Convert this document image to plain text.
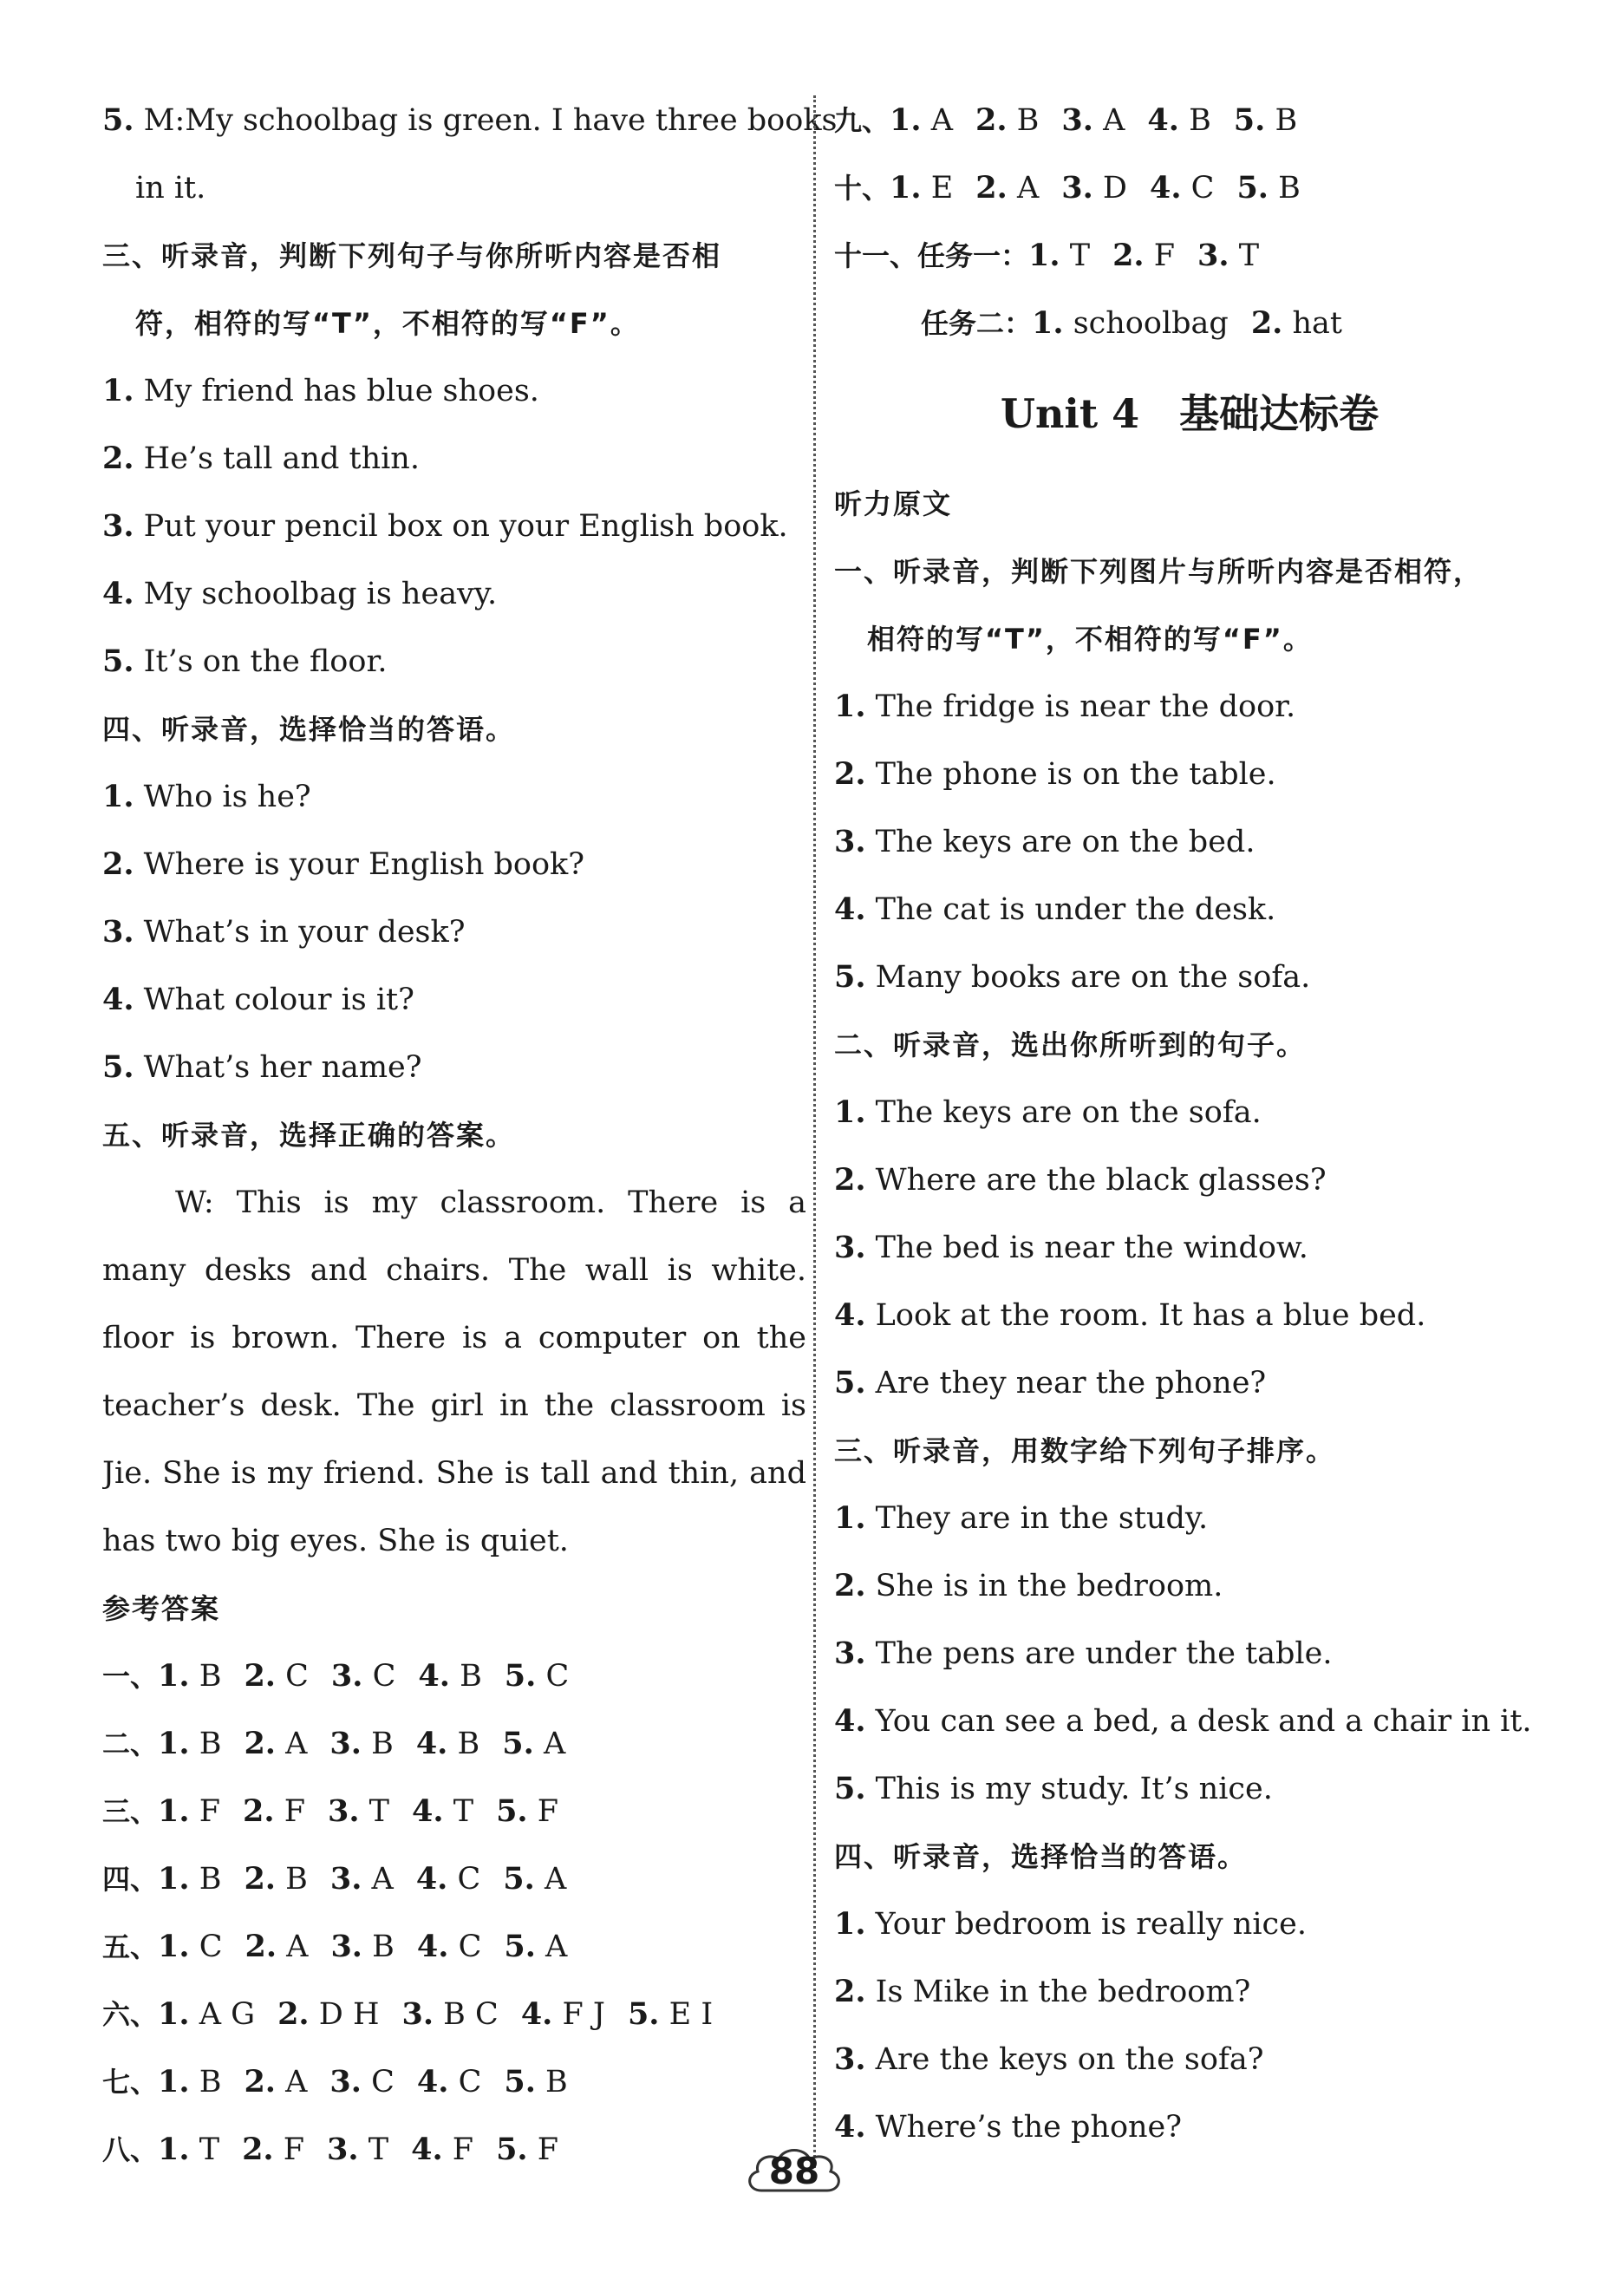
5. M:My schoolbag is green. I have three books
in it.
三、听录音，判断下列句子与你所听内容是否相
符，相符的写“T”，不相符的写“F”。
1. My friend has blue shoes.
2. He’s tall and thin.
3. Put your pencil box on your English book.
4. My schoolbag is heavy.
5. It’s on the floor.
四、听录音，选择恰当的答语。
1. Who is he?
2. Where is your English book?
3. What’s in your desk?
4. What colour is it?
5. What’s her name?
五、听录音，选择正确的答案。
W: This is my classroom. There is a
many desks and chairs. The wall is white.
floor is brown. There is a computer on the
teacher’s desk. The girl in the classroom is
Jie. She is my friend. She is tall and thin, and
has two big eyes. She is quiet.
参考答案
一、1. B 2. C 3. C 4. B 5. C
二、1. B 2. A 3. B 4. B 5. A
三、1. F 2. F 3. T 4. T 5. F
四、1. B 2. B 3. A 4. C 5. A
五、1. C 2. A 3. B 4. C 5. A
六、1. A G 2. D H 3. B C 4. F J 5. E I
七、1. B 2. A 3. C 4. C 5. B
八、1. T 2. F 3. T 4. F 5. F
九、1. A 2. B 3. A 4. B 5. B
十、1. E 2. A 3. D 4. C 5. B
十一、任务一：1. T 2. F 3. T
任务二：1. schoolbag 2. hat
Unit 4 基础达标卷
听力原文
一、听录音，判断下列图片与所听内容是否相符，
相符的写“T”，不相符的写“F”。
1. The fridge is near the door.
2. The phone is on the table.
3. The keys are on the bed.
4. The cat is under the desk.
5. Many books are on the sofa.
二、听录音，选出你所听到的句子。
1. The keys are on the sofa.
2. Where are the black glasses?
3. The bed is near the window.
4. Look at the room. It has a blue bed.
5. Are they near the phone?
三、听录音，用数字给下列句子排序。
1. They are in the study.
2. She is in the bedroom.
3. The pens are under the table.
4. You can see a bed, a desk and a chair in it.
5. This is my study. It’s nice.
四、听录音，选择恰当的答语。
1. Your bedroom is really nice.
2. Is Mike in the bedroom?
3. Are the keys on the sofa?
4. Where’s the phone?
88
